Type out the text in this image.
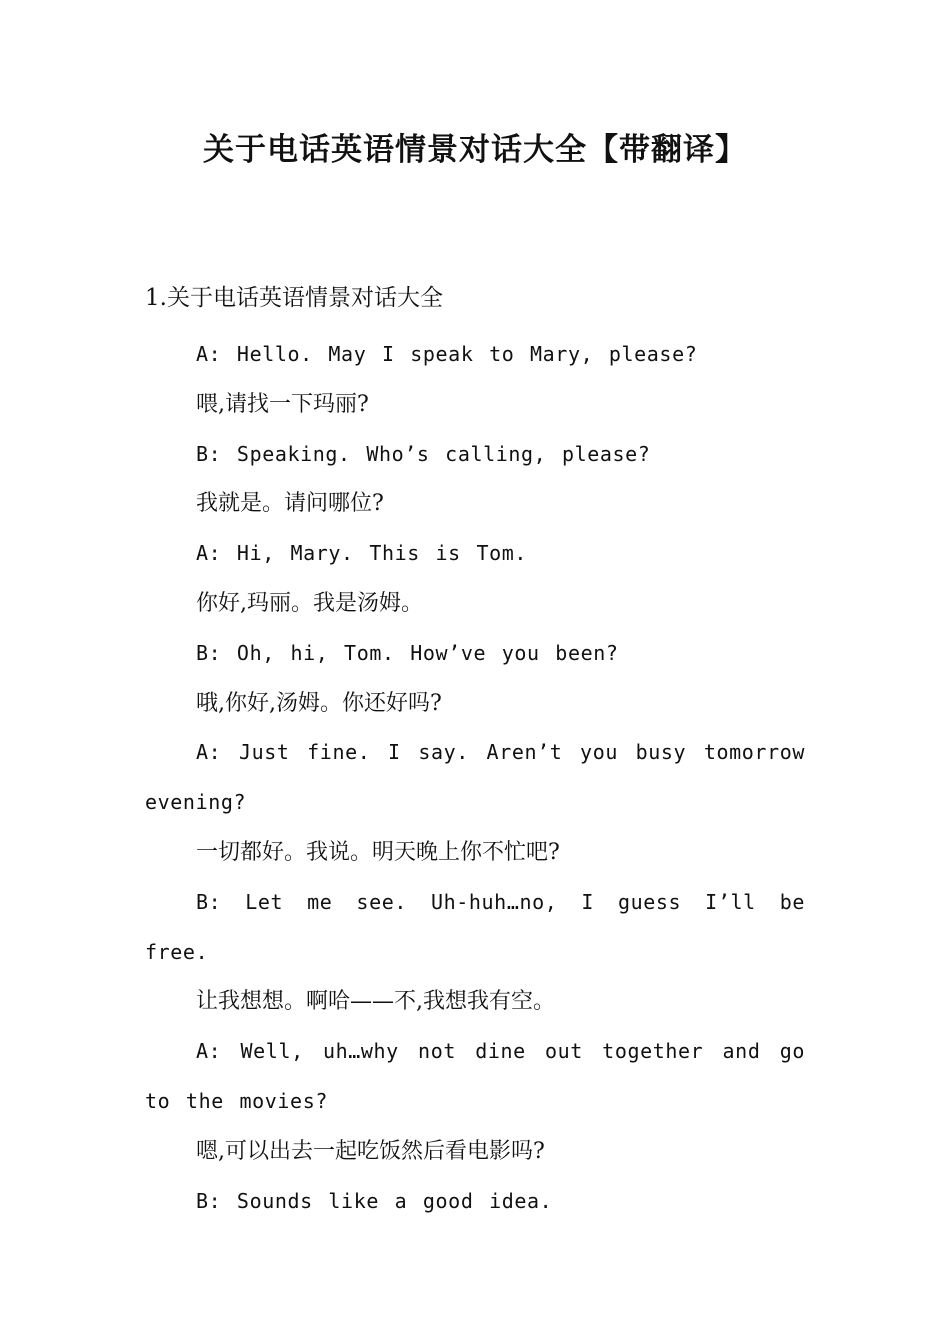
关于电话英语情景对话大全【带翻译】
1.关于电话英语情景对话大全

A: Hello. May I speak to Mary, please?

喂,请找一下玛丽?

B: Speaking. Who’s calling, please?

我就是。请问哪位?

A: Hi, Mary. This is Tom.

你好,玛丽。我是汤姆。

B: Oh, hi, Tom. How’ve you been?

哦,你好,汤姆。你还好吗?

A: Just fine. I say. Aren’t you busy tomorrow evening?

一切都好。我说。明天晚上你不忙吧?

B: Let me see. Uh-huh…no, I guess I’ll be free.

让我想想。啊哈——不,我想我有空。

A: Well, uh…why not dine out together and go to the movies?

嗯,可以出去一起吃饭然后看电影吗?

B: Sounds like a good idea.
